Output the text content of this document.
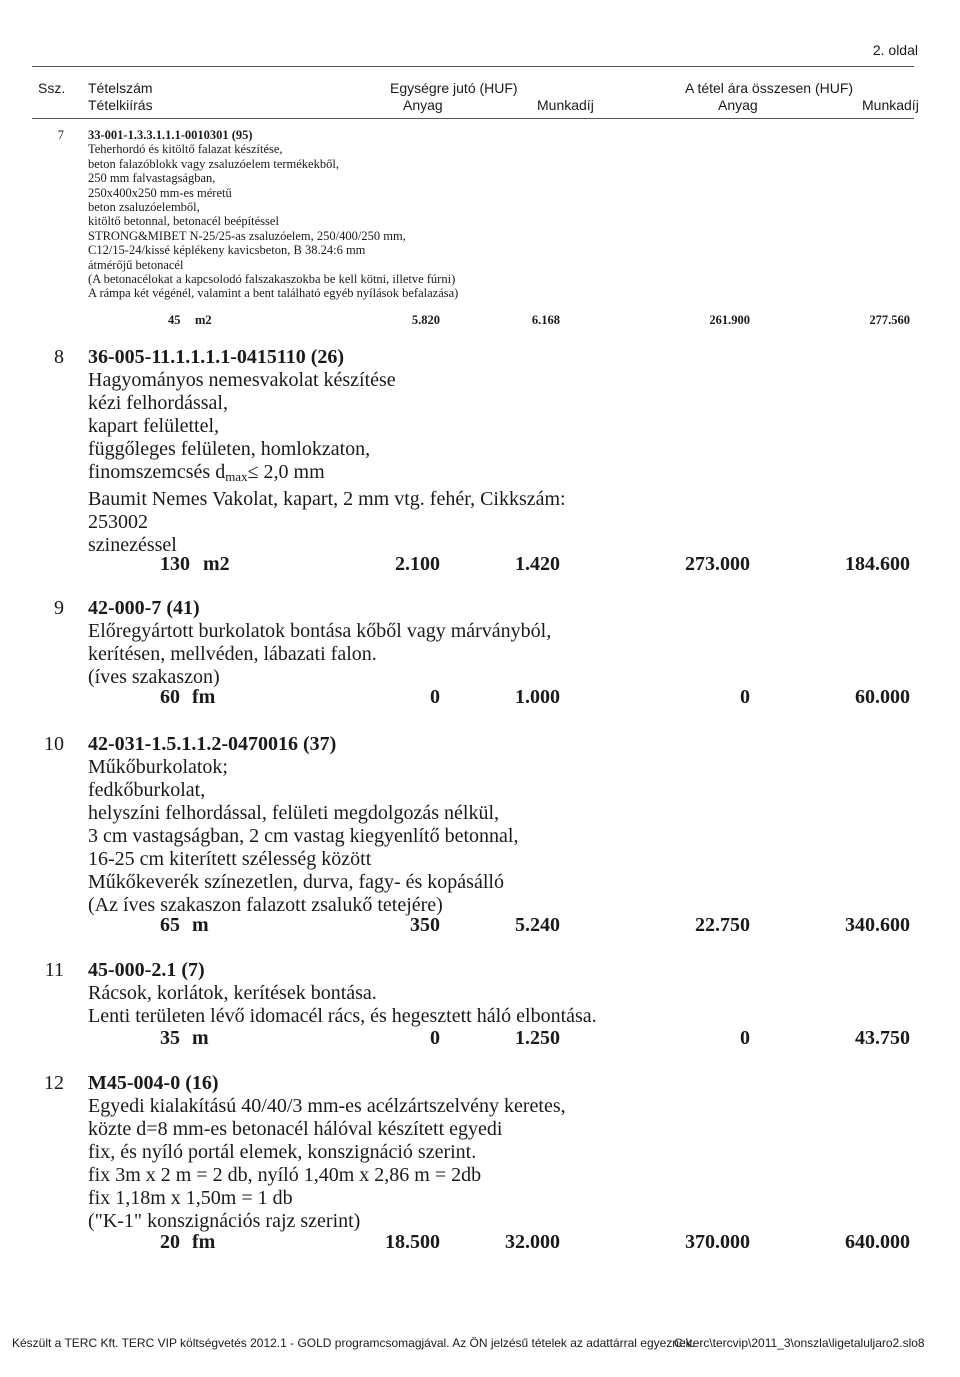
2. oldal
Ssz. Tételszám	Egységre jutó (HUF)	A tétel ára összesen (HUF)
Tételkiírás	Anyag	Munkadíj	Anyag	Munkadíj
7 33-001-1.3.3.1.1.1-0010301 (95)
Teherhordó és kitöltő falazat készítése,
beton falazóblokk vagy zsaluzóelem termékekből,
250 mm falvastagságban,
250x400x250 mm-es méretű
beton zsaluzóelemből,
kitöltő betonnal, betonacél beépítéssel
STRONG&MIBET N-25/25-as zsaluzóelem, 250/400/250 mm,
C12/15-24/kissé képlékeny kavicsbeton, B 38.24:6 mm
átmérőjű betonacél
(A betonacélokat a kapcsolodó falszakaszokba be kell kötni, illetve fúrni)
A rámpa két végénél, valamint a bent található egyéb nyílások befalazása)
45 m2	5.820	6.168	261.900	277.560
8 36-005-11.1.1.1.1-0415110 (26)
Hagyományos nemesvakolat készítése
kézi felhordással,
kapart felülettel,
függőleges felületen, homlokzaton,
finomszemcsés $d_{max}\le 2,0$ mm
Baumit Nemes Vakolat, kapart, 2 mm vtg. fehér, Cikkszám:
253002
szinezéssel
130 m2	2.100	1.420	273.000	184.600
9 42-000-7 (41)
Előregyártott burkolatok bontása kőből vagy márványból,
kerítésen, mellvéden, lábazati falon.
(íves szakaszon)
60 fm	0	1.000	0	60.000
10 42-031-1.5.1.1.2-0470016 (37)
Műkőburkolatok;
fedkőburkolat,
helyszíni felhordással, felületi megdolgozás nélkül,
3 cm vastagságban, 2 cm vastag kiegyenlítő betonnal,
16-25 cm kiterített szélesség között
Műkőkeverék színezetlen, durva, fagy- és kopásálló
(Az íves szakaszon falazott zsalukő tetejére)
65 m	350	5.240	22.750	340.600
11 45-000-2.1 (7)
Rácsok, korlátok, kerítések bontása.
Lenti területen lévő idomacél rács, és hegesztett háló elbontása.
35 m	0	1.250	0	43.750
12 M45-004-0 (16)
Egyedi kialakítású 40/40/3 mm-es acélzártszelvény keretes,
közte d=8 mm-es betonacél hálóval készített egyedi
fix, és nyíló portál elemek, konszignáció szerint.
fix 3m x 2 m = 2 db, nyíló 1,40m x 2,86 m = 2db
fix 1,18m x 1,50m = 1 db
("K-1" konszignációs rajz szerint)
20 fm	18.500	32.000	370.000	640.000
Készült a TERC Kft. TERC VIP költségvetés 2012.1 - GOLD programcsomagjával. Az ÖN jelzésű tételek az adattárral egyeznek.
C:\terc\tercvip\2011_3\onszla\ligetaluljaro2.slo8
